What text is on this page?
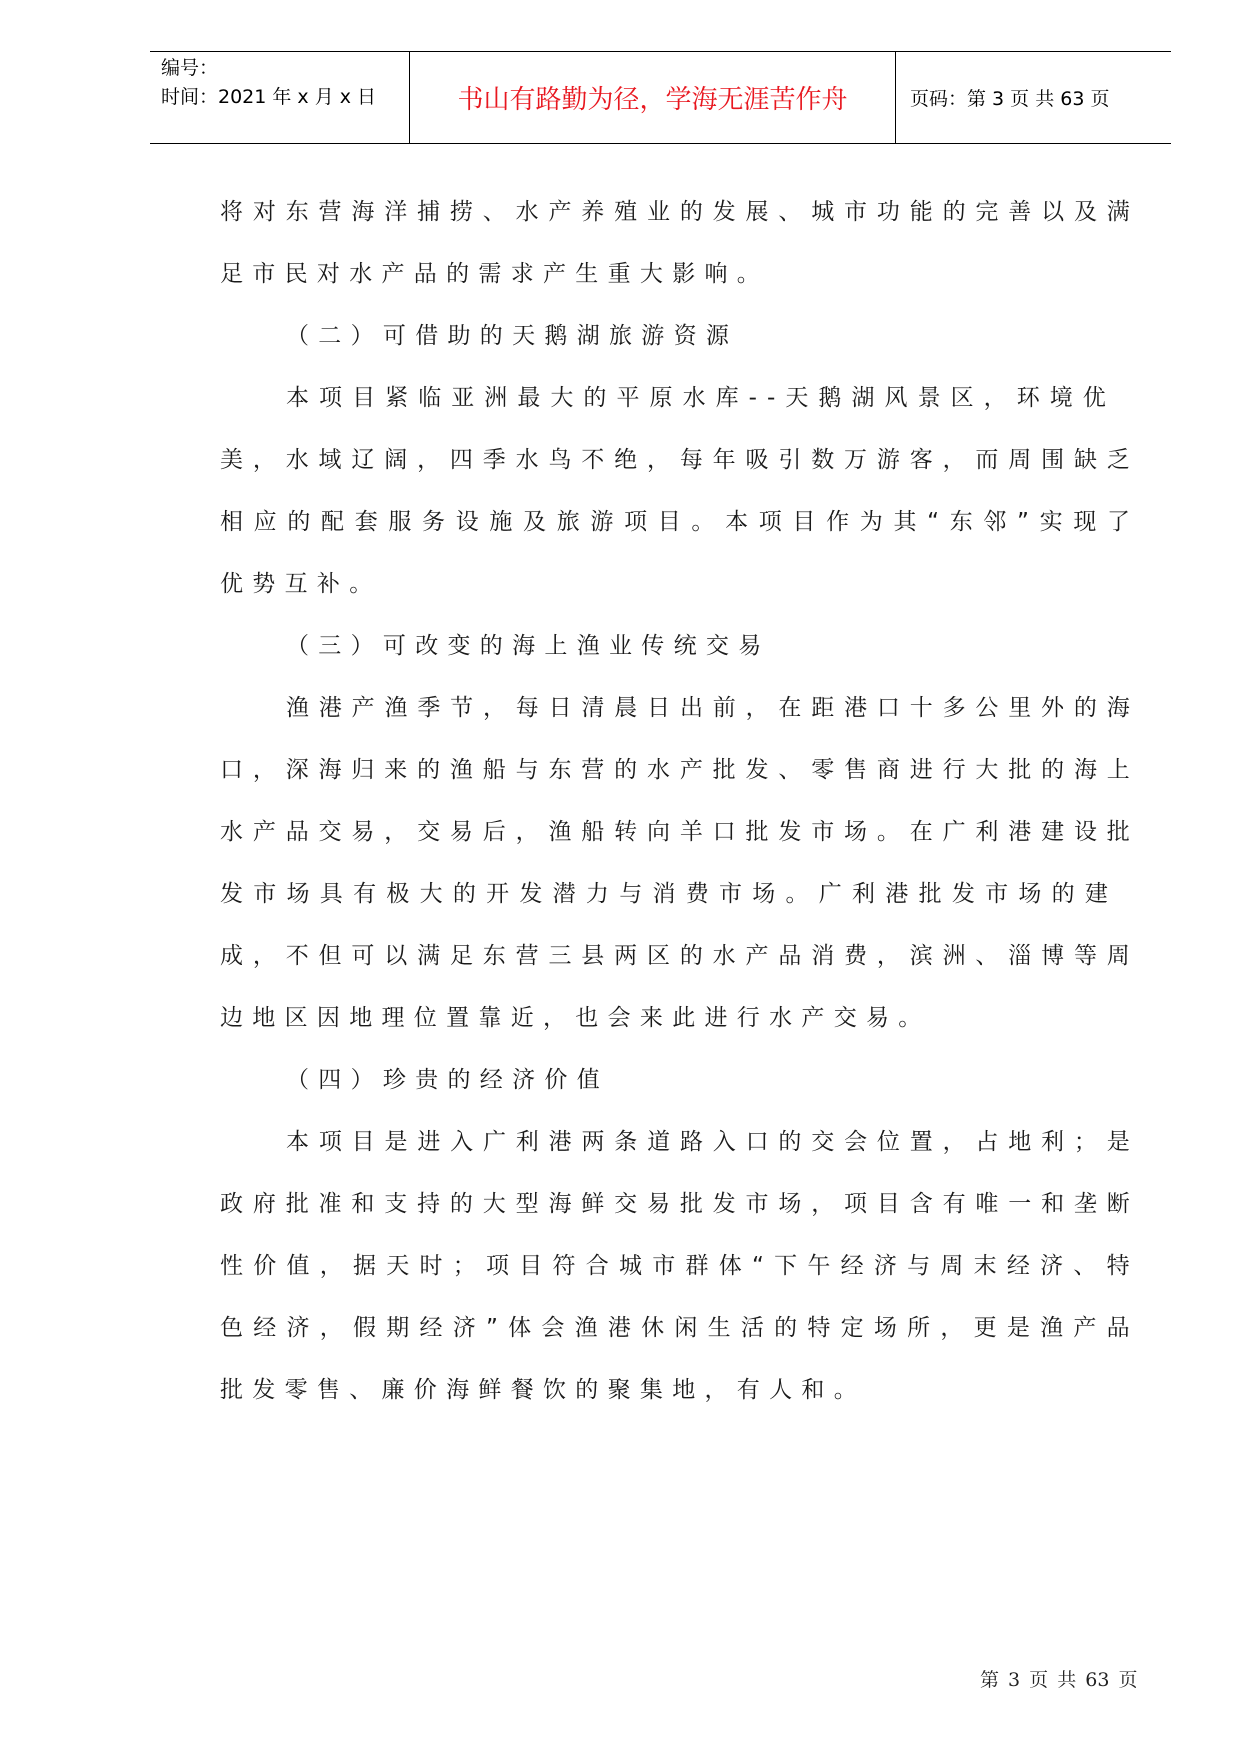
编号：
时间：2021 年 x 月 x 日	书山有路勤为径，学海无涯苦作舟	页码：第 3 页 共 63 页
将 对 东 营 海 洋 捕 捞 、 水 产 养 殖 业 的 发 展 、 城 市 功 能 的 完 善 以 及 满
足市民对水产品的需求产生重大影响。
（二）可借助的天鹅湖旅游资源
本 项 目 紧 临 亚 洲 最 大 的 平 原 水 库 - - 天 鹅 湖 风 景 区 ， 环 境 优
美 ， 水 域 辽 阔 ， 四 季 水 鸟 不 绝 ， 每 年 吸 引 数 万 游 客 ， 而 周 围 缺 乏
相 应 的 配 套 服 务 设 施 及 旅 游 项 目 。 本 项 目 作 为 其 “ 东 邻 ” 实 现 了
优势互补。
（三）可改变的海上渔业传统交易
渔 港 产 渔 季 节 ， 每 日 清 晨 日 出 前 ， 在 距 港 口 十 多 公 里 外 的 海
口 ， 深 海 归 来 的 渔 船 与 东 营 的 水 产 批 发 、 零 售 商 进 行 大 批 的 海 上
水 产 品 交 易 ， 交 易 后 ， 渔 船 转 向 羊 口 批 发 市 场 。 在 广 利 港 建 设 批
发 市 场 具 有 极 大 的 开 发 潜 力 与 消 费 市 场 。 广 利 港 批 发 市 场 的 建
成 ， 不 但 可 以 满 足 东 营 三 县 两 区 的 水 产 品 消 费 ， 滨 洲 、 淄 博 等 周
边地区因地理位置靠近，也会来此进行水产交易。
（四）珍贵的经济价值
本 项 目 是 进 入 广 利 港 两 条 道 路 入 口 的 交 会 位 置 ， 占 地 利 ； 是
政 府 批 准 和 支 持 的 大 型 海 鲜 交 易 批 发 市 场 ， 项 目 含 有 唯 一 和 垄 断
性 价 值 ， 据 天 时 ； 项 目 符 合 城 市 群 体 “ 下 午 经 济 与 周 末 经 济 、 特
色 经 济 ， 假 期 经 济 ” 体 会 渔 港 休 闲 生 活 的 特 定 场 所 ， 更 是 渔 产 品
批发零售、廉价海鲜餐饮的聚集地，有人和。
第 3 页 共 63 页
